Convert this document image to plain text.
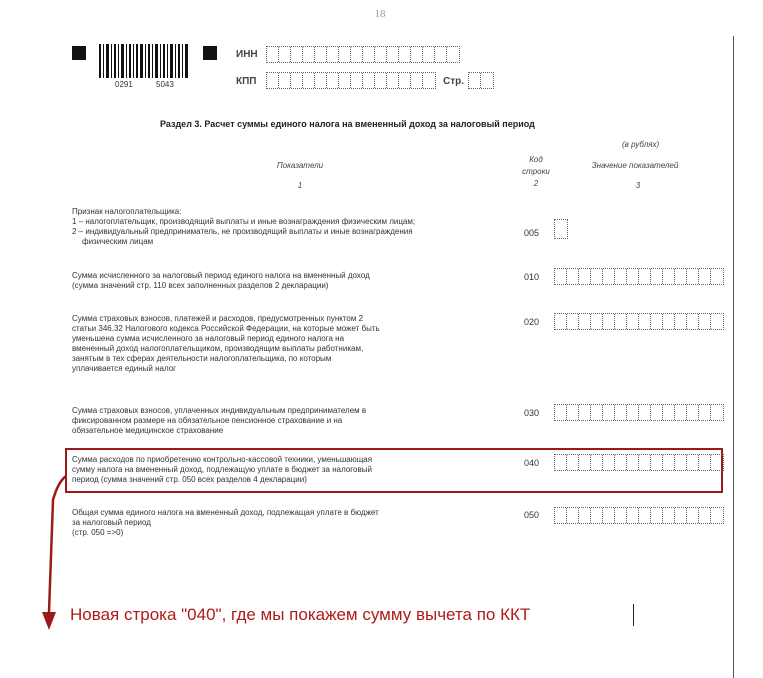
18
0291	5043
ИНН
КПП	Стр.
Раздел 3. Расчет суммы единого налога на вмененный доход за налоговый период
(в рублях)
Показатели
1
Код
строки
2
Значение показателей
3
Признак налогоплательщика:
1 – налогоплательщик, производящий выплаты и иные вознаграждения физическим лицам;
2 – индивидуальный предприниматель, не производящий выплаты и иные вознаграждения
физическим лицам
005
Сумма исчисленного за налоговый период единого налога на вмененный доход
(сумма значений стр. 110 всех заполненных разделов 2 декларации)
010
Сумма страховых взносов, платежей и расходов, предусмотренных пунктом 2
статьи 346.32 Налогового кодекса Российской Федерации, на которые может быть
уменьшена сумма исчисленного за налоговый период единого налога на
вмененный доход налогоплательщиком, производящим выплаты работникам,
занятым в тех сферах деятельности налогоплательщика, по которым
уплачивается единый налог
020
Сумма страховых взносов, уплаченных индивидуальным предпринимателем в
фиксированном размере на обязательное пенсионное страхование и на
обязательное медицинское страхование
030
Сумма расходов по приобретению контрольно-кассовой техники, уменьшающая
сумму налога на вмененный доход, подлежащую уплате в бюджет за налоговый
период (сумма значений стр. 050 всех разделов 4 декларации)
040
Общая сумма единого налога на вмененный доход, подлежащая уплате в бюджет
за налоговый период
(стр. 050 =>0)
050
Новая строка "040", где мы покажем сумму вычета по ККТ
